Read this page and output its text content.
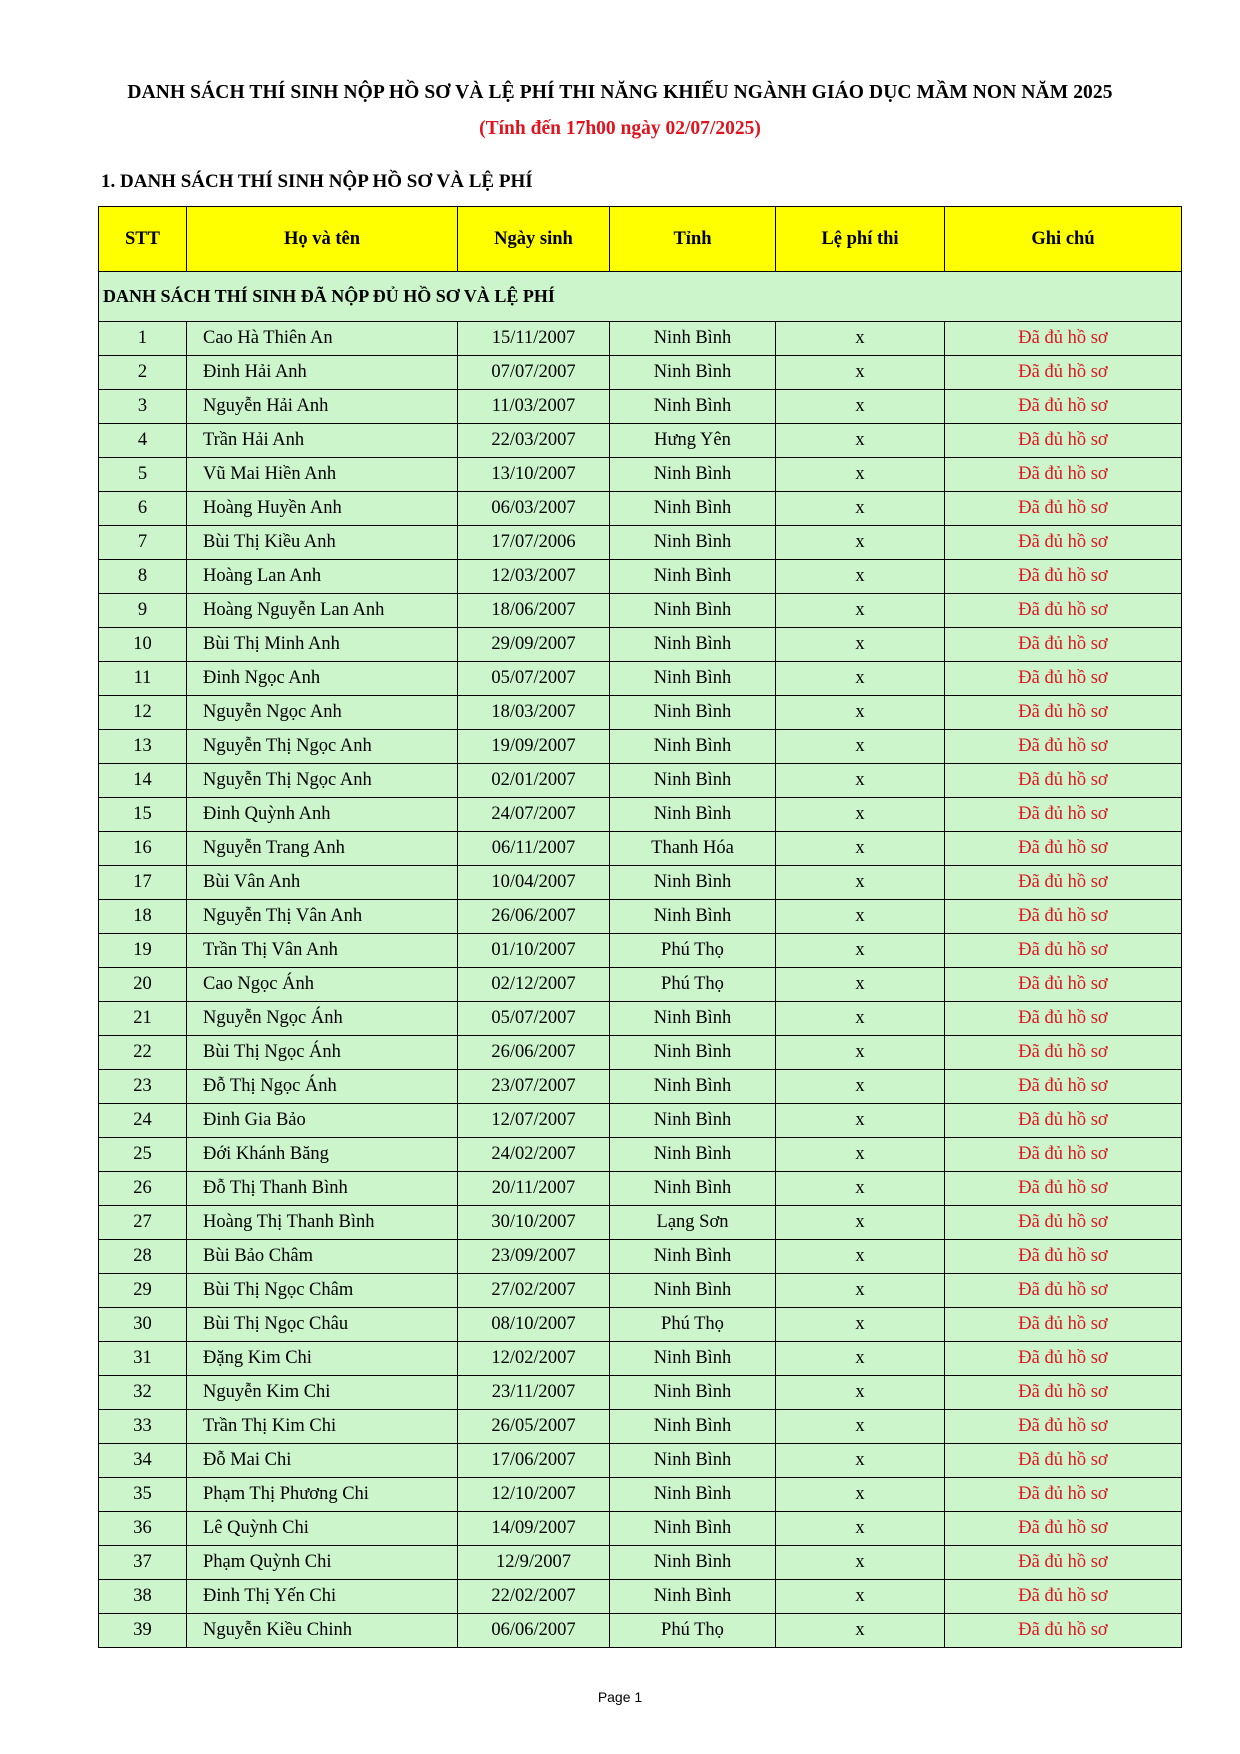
DANH SÁCH THÍ SINH NỘP HỒ SƠ VÀ LỆ PHÍ THI NĂNG KHIẾU NGÀNH GIÁO DỤC MẦM NON NĂM 2025
(Tính đến 17h00 ngày 02/07/2025)
1. DANH SÁCH THÍ SINH NỘP HỒ SƠ VÀ LỆ PHÍ
STT	Họ và tên	Ngày sinh	Tỉnh	Lệ phí thi	Ghi chú
DANH SÁCH THÍ SINH ĐÃ NỘP ĐỦ HỒ SƠ VÀ LỆ PHÍ					
1	Cao Hà Thiên An	15/11/2007	Ninh Bình	x	Đã đủ hồ sơ
2	Đinh Hải Anh	07/07/2007	Ninh Bình	x	Đã đủ hồ sơ
3	Nguyễn Hải Anh	11/03/2007	Ninh Bình	x	Đã đủ hồ sơ
4	Trần Hải Anh	22/03/2007	Hưng Yên	x	Đã đủ hồ sơ
5	Vũ Mai Hiền Anh	13/10/2007	Ninh Bình	x	Đã đủ hồ sơ
6	Hoàng Huyền Anh	06/03/2007	Ninh Bình	x	Đã đủ hồ sơ
7	Bùi Thị Kiều Anh	17/07/2006	Ninh Bình	x	Đã đủ hồ sơ
8	Hoàng Lan Anh	12/03/2007	Ninh Bình	x	Đã đủ hồ sơ
9	Hoàng Nguyễn Lan Anh	18/06/2007	Ninh Bình	x	Đã đủ hồ sơ
10	Bùi Thị Minh Anh	29/09/2007	Ninh Bình	x	Đã đủ hồ sơ
11	Đinh Ngọc Anh	05/07/2007	Ninh Bình	x	Đã đủ hồ sơ
12	Nguyễn Ngọc Anh	18/03/2007	Ninh Bình	x	Đã đủ hồ sơ
13	Nguyễn Thị Ngọc Anh	19/09/2007	Ninh Bình	x	Đã đủ hồ sơ
14	Nguyễn Thị Ngọc Anh	02/01/2007	Ninh Bình	x	Đã đủ hồ sơ
15	Đinh Quỳnh Anh	24/07/2007	Ninh Bình	x	Đã đủ hồ sơ
16	Nguyễn Trang Anh	06/11/2007	Thanh Hóa	x	Đã đủ hồ sơ
17	Bùi Vân Anh	10/04/2007	Ninh Bình	x	Đã đủ hồ sơ
18	Nguyễn Thị Vân Anh	26/06/2007	Ninh Bình	x	Đã đủ hồ sơ
19	Trần Thị Vân Anh	01/10/2007	Phú Thọ	x	Đã đủ hồ sơ
20	Cao Ngọc Ánh	02/12/2007	Phú Thọ	x	Đã đủ hồ sơ
21	Nguyễn Ngọc Ánh	05/07/2007	Ninh Bình	x	Đã đủ hồ sơ
22	Bùi Thị Ngọc Ánh	26/06/2007	Ninh Bình	x	Đã đủ hồ sơ
23	Đỗ Thị Ngọc Ánh	23/07/2007	Ninh Bình	x	Đã đủ hồ sơ
24	Đinh Gia Bảo	12/07/2007	Ninh Bình	x	Đã đủ hồ sơ
25	Đới Khánh Băng	24/02/2007	Ninh Bình	x	Đã đủ hồ sơ
26	Đỗ Thị Thanh Bình	20/11/2007	Ninh Bình	x	Đã đủ hồ sơ
27	Hoàng Thị Thanh Bình	30/10/2007	Lạng Sơn	x	Đã đủ hồ sơ
28	Bùi Bảo Châm	23/09/2007	Ninh Bình	x	Đã đủ hồ sơ
29	Bùi Thị Ngọc Châm	27/02/2007	Ninh Bình	x	Đã đủ hồ sơ
30	Bùi Thị Ngọc Châu	08/10/2007	Phú Thọ	x	Đã đủ hồ sơ
31	Đặng Kim Chi	12/02/2007	Ninh Bình	x	Đã đủ hồ sơ
32	Nguyễn Kim Chi	23/11/2007	Ninh Bình	x	Đã đủ hồ sơ
33	Trần Thị Kim Chi	26/05/2007	Ninh Bình	x	Đã đủ hồ sơ
34	Đỗ Mai Chi	17/06/2007	Ninh Bình	x	Đã đủ hồ sơ
35	Phạm Thị Phương Chi	12/10/2007	Ninh Bình	x	Đã đủ hồ sơ
36	Lê Quỳnh Chi	14/09/2007	Ninh Bình	x	Đã đủ hồ sơ
37	Phạm Quỳnh Chi	12/9/2007	Ninh Bình	x	Đã đủ hồ sơ
38	Đinh Thị Yến Chi	22/02/2007	Ninh Bình	x	Đã đủ hồ sơ
39	Nguyễn Kiều Chinh	06/06/2007	Phú Thọ	x	Đã đủ hồ sơ
Page 1
